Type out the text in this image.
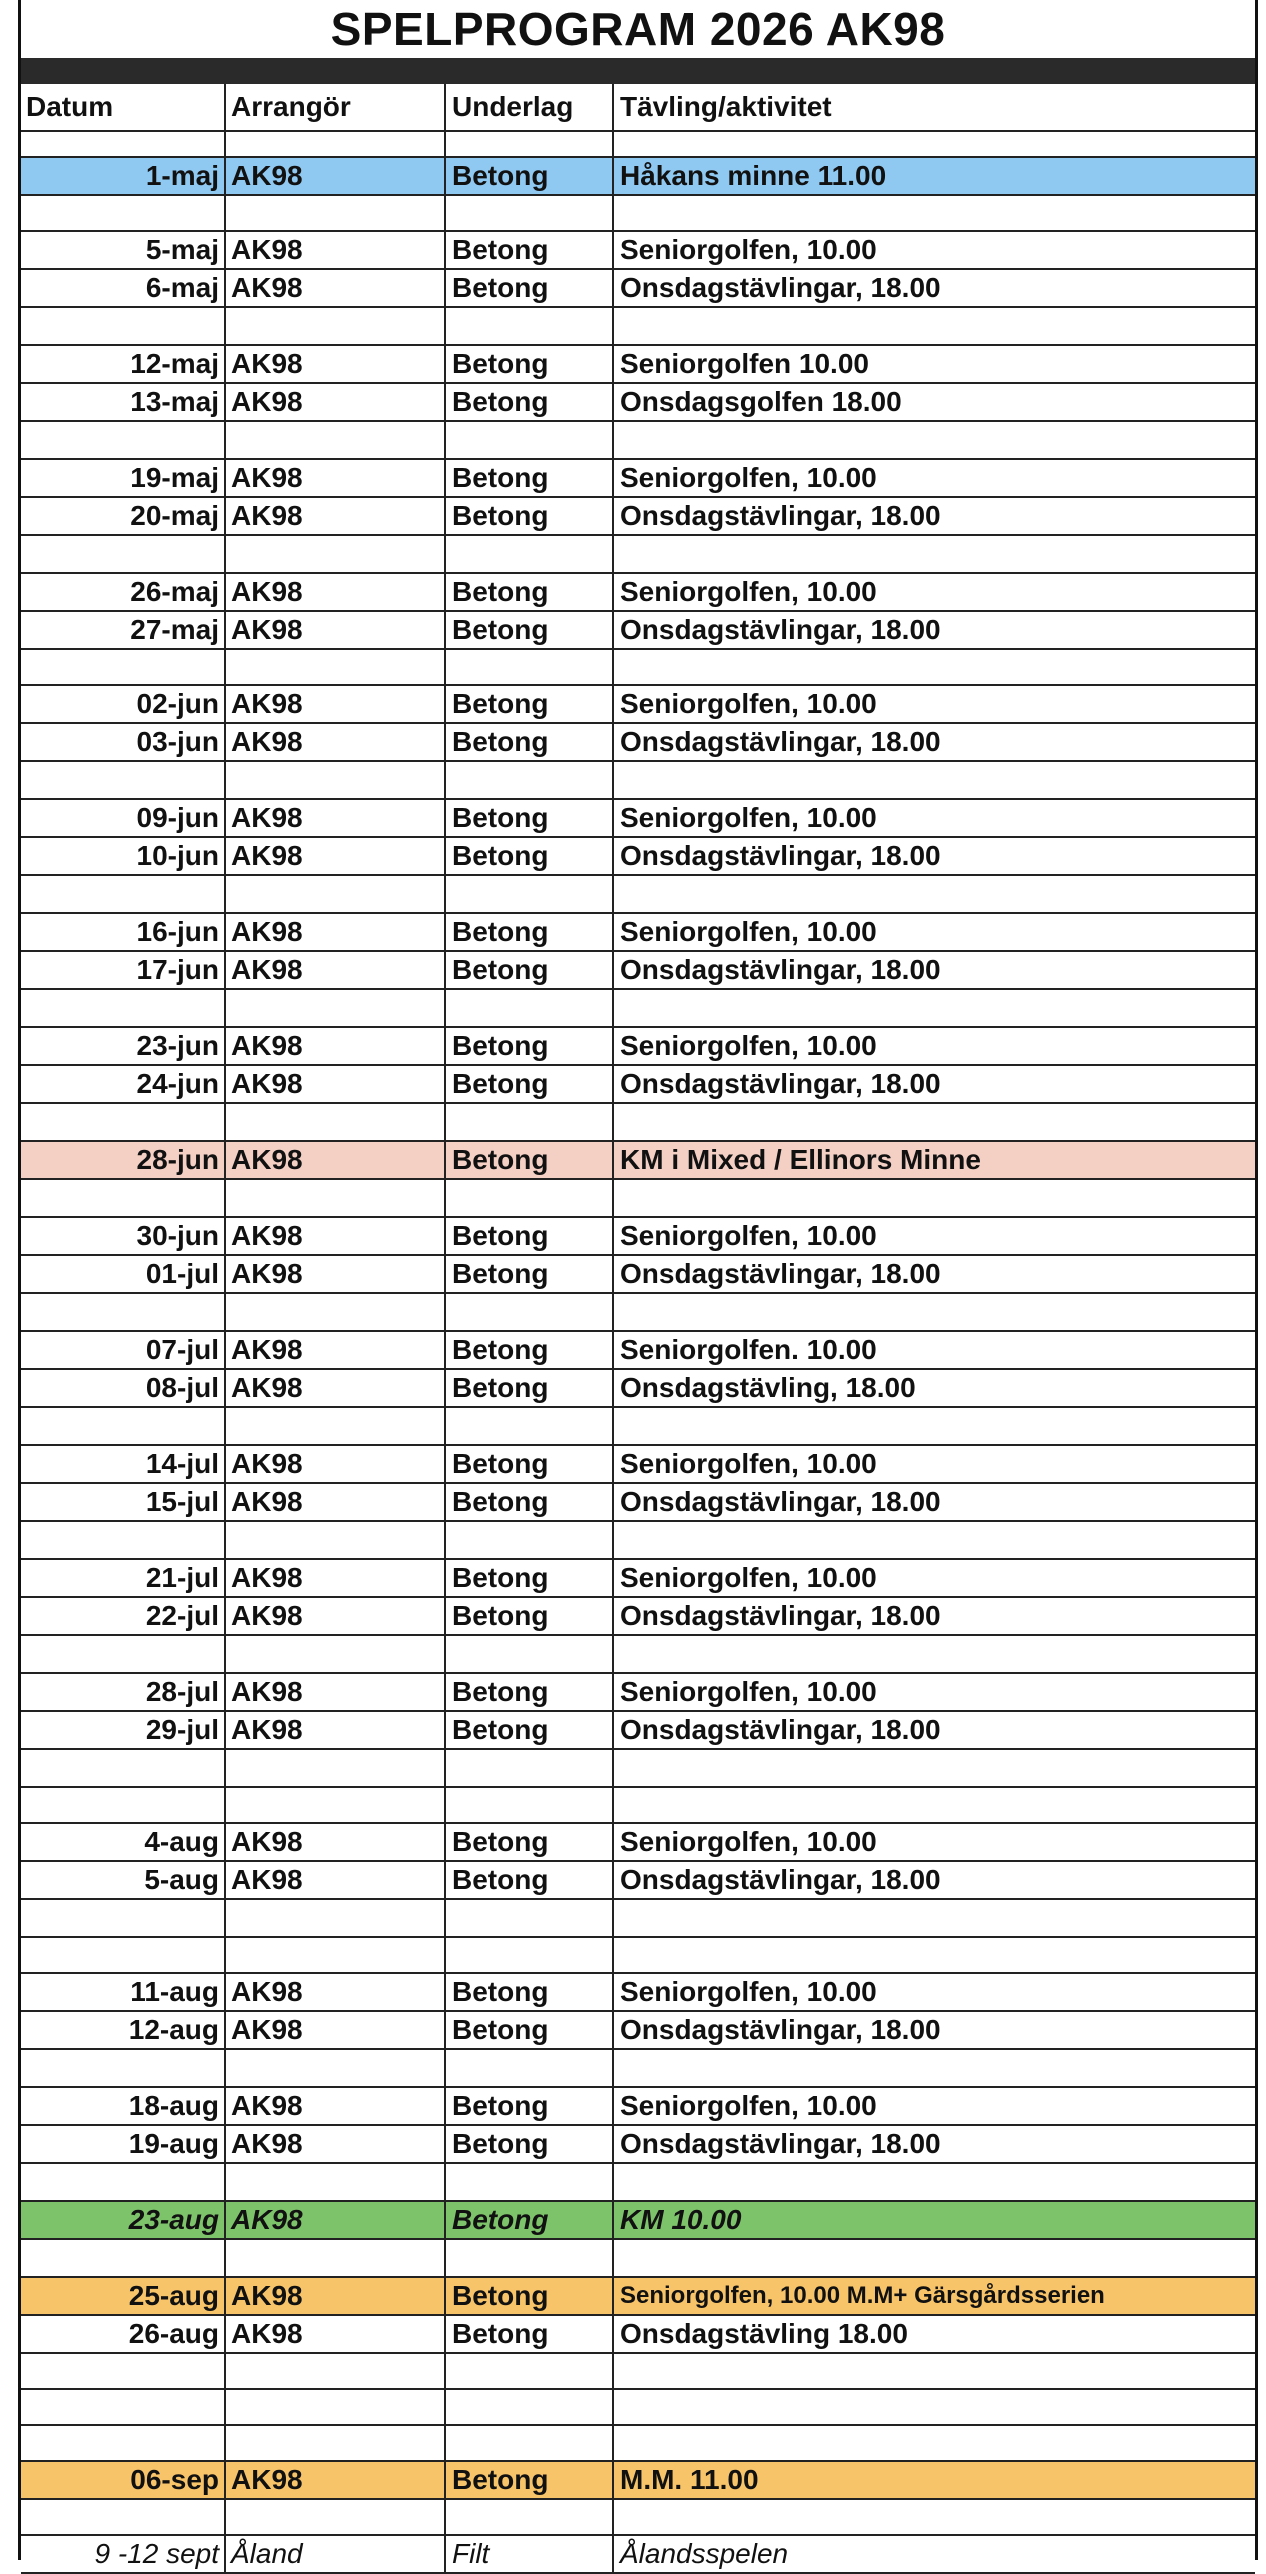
SPELPROGRAM 2026 AK98
Datum	Arrangör	Underlag	Tävling/aktivitet
1-maj AK98	Betong	Håkans minne 11.00
5-maj AK98	Betong	Seniorgolfen, 10.00
6-maj AK98	Betong	Onsdagstävlingar, 18.00
12-maj AK98	Betong	Seniorgolfen 10.00
13-maj AK98	Betong	Onsdagsgolfen 18.00
19-maj AK98	Betong	Seniorgolfen, 10.00
20-maj AK98	Betong	Onsdagstävlingar, 18.00
26-maj AK98	Betong	Seniorgolfen, 10.00
27-maj AK98	Betong	Onsdagstävlingar, 18.00
02-jun AK98	Betong	Seniorgolfen, 10.00
03-jun AK98	Betong	Onsdagstävlingar, 18.00
09-jun AK98	Betong	Seniorgolfen, 10.00
10-jun AK98	Betong	Onsdagstävlingar, 18.00
16-jun AK98	Betong	Seniorgolfen, 10.00
17-jun AK98	Betong	Onsdagstävlingar, 18.00
23-jun AK98	Betong	Seniorgolfen, 10.00
24-jun AK98	Betong	Onsdagstävlingar, 18.00
28-jun AK98	Betong	KM i Mixed / Ellinors Minne
30-jun AK98	Betong	Seniorgolfen, 10.00
01-jul AK98	Betong	Onsdagstävlingar, 18.00
07-jul AK98	Betong	Seniorgolfen. 10.00
08-jul AK98	Betong	Onsdagstävling, 18.00
14-jul AK98	Betong	Seniorgolfen, 10.00
15-jul AK98	Betong	Onsdagstävlingar, 18.00
21-jul AK98	Betong	Seniorgolfen, 10.00
22-jul AK98	Betong	Onsdagstävlingar, 18.00
28-jul AK98	Betong	Seniorgolfen, 10.00
29-jul AK98	Betong	Onsdagstävlingar, 18.00
4-aug AK98	Betong	Seniorgolfen, 10.00
5-aug AK98	Betong	Onsdagstävlingar, 18.00
11-aug AK98	Betong	Seniorgolfen, 10.00
12-aug AK98	Betong	Onsdagstävlingar, 18.00
18-aug AK98	Betong	Seniorgolfen, 10.00
19-aug AK98	Betong	Onsdagstävlingar, 18.00
23-aug AK98	Betong	KM 10.00
25-aug AK98	Betong	Seniorgolfen, 10.00 M.M+ Gärsgårdsserien
26-aug AK98	Betong	Onsdagstävling 18.00
06-sep AK98	Betong	M.M. 11.00
9 -12 sept Åland	Filt	Ålandsspelen
